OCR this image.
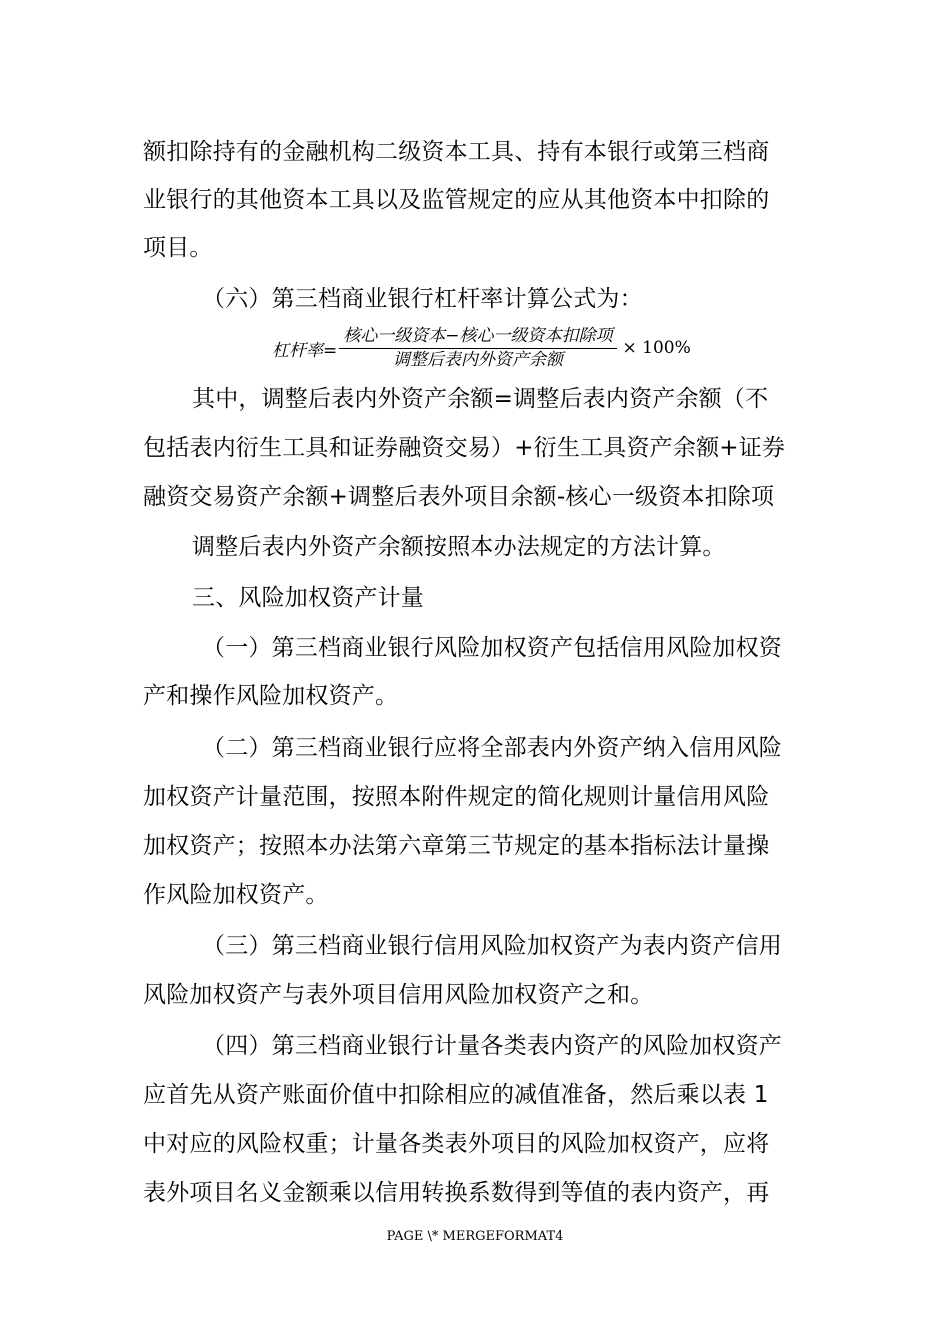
额扣除持有的金融机构二级资本工具、持有本银行或第三档商
业银行的其他资本工具以及监管规定的应从其他资本中扣除的
项目。
（六）第三档商业银行杠杆率计算公式为：
杠杆率= $\frac{\text{核心一级资本−核心一级资本扣除项}}{\text{调整后表内外资产余额}} \times 100\%$
其中，调整后表内外资产余额=调整后表内资产余额（不
包括表内衍生工具和证券融资交易）+衍生工具资产余额+证券
融资交易资产余额+调整后表外项目余额-核心一级资本扣除项
调整后表内外资产余额按照本办法规定的方法计算。
三、风险加权资产计量
（一）第三档商业银行风险加权资产包括信用风险加权资
产和操作风险加权资产。
（二）第三档商业银行应将全部表内外资产纳入信用风险
加权资产计量范围，按照本附件规定的简化规则计量信用风险
加权资产；按照本办法第六章第三节规定的基本指标法计量操
作风险加权资产。
（三）第三档商业银行信用风险加权资产为表内资产信用
风险加权资产与表外项目信用风险加权资产之和。
（四）第三档商业银行计量各类表内资产的风险加权资产
应首先从资产账面价值中扣除相应的减值准备，然后乘以表 1
中对应的风险权重；计量各类表外项目的风险加权资产，应将
表外项目名义金额乘以信用转换系数得到等值的表内资产，再
PAGE \* MERGEFORMAT4
